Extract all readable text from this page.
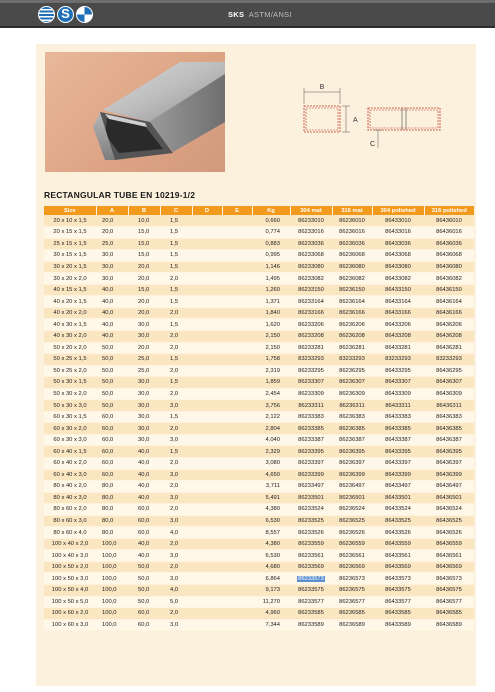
S	SKS ASTM/ANSI
B
A
C
RECTANGULAR TUBE EN 10219-1/2
Size	A	B	C	D	E	Kg	304 mat	316 mat	304 polished	316 polished
20 x 10 x 1,5	20,0	10,0	1,5			0,660	86233010	86236010	86433010	86436010
20 x 15 x 1,5	20,0	15,0	1,5			0,774	86233016	86236016	86433016	86436016
25 x 15 x 1,5	25,0	15,0	1,5			0,883	86233036	86236036	86433036	86436036
30 x 15 x 1,5	30,0	15,0	1,5			0,995	86233068	86236068	86433068	86436068
30 x 20 x 1,5	30,0	20,0	1,5			1,146	86233080	86236080	86433080	86436080
30 x 20 x 2,0	30,0	20,0	2,0			1,495	86233082	86236082	86433082	86436082
40 x 15 x 1,5	40,0	15,0	1,5			1,260	86233150	86236150	86433150	86436150
40 x 20 x 1,5	40,0	20,0	1,5			1,371	86233164	86236164	86433164	86436164
40 x 20 x 2,0	40,0	20,0	2,0			1,840	86233166	86236166	86433166	86436166
40 x 30 x 1,5	40,0	30,0	1,5			1,620	86233206	86236206	86433206	86436206
40 x 30 x 2,0	40,0	30,0	2,0			2,150	86233208	86236208	86433208	86436208
50 x 20 x 2,0	50,0	20,0	2,0			2,150	86233281	86236281	86433281	86436281
50 x 25 x 1,5	50,0	25,0	1,5			1,758	83233293	83233293	83233293	83233293
50 x 25 x 2,0	50,0	25,0	2,0			2,319	86233295	86236295	86433295	86436295
50 x 30 x 1,5	50,0	30,0	1,5			1,859	86233307	86236307	86433307	86436307
50 x 30 x 2,0	50,0	30,0	2,0			2,454	86233309	86236309	86433309	86436309
50 x 30 x 3,0	50,0	30,0	3,0			3,756	86233311	86236311	86433311	86436311
60 x 30 x 1,5	60,0	30,0	1,5			2,122	86233383	86236383	86433383	86436383
60 x 30 x 2,0	60,0	30,0	2,0			2,804	86233385	86236385	86433385	86436385
60 x 30 x 3,0	60,0	30,0	3,0			4,040	86233387	86236387	86433387	86436387
60 x 40 x 1,5	60,0	40,0	1,5			2,329	86233395	86236395	86433395	86436395
60 x 40 x 2,0	60,0	40,0	2,0			3,080	86233397	86236397	86433397	86436397
60 x 40 x 3,0	60,0	40,0	3,0			4,650	86233399	86236399	86433399	86436399
80 x 40 x 2,0	80,0	40,0	2,0			3,711	86233497	86236497	86433497	86436497
80 x 40 x 3,0	80,0	40,0	3,0			5,491	86233501	86236501	86433501	86436501
80 x 60 x 2,0	80,0	60,0	2,0			4,380	86233524	86236524	86433524	86436524
80 x 60 x 3,0	80,0	60,0	3,0			6,530	86233525	86236525	86433525	86436525
80 x 60 x 4,0	80,0	60,0	4,0			8,557	86233526	86236526	86433526	86436526
100 x 40 x 2,0	100,0	40,0	2,0			4,380	86233559	86236559	86433559	86436559
100 x 40 x 3,0	100,0	40,0	3,0			6,530	86233561	86236561	86433561	86436561
100 x 50 x 2,0	100,0	50,0	2,0			4,680	86233569	86236569	86433569	86436569
100 x 50 x 3,0	100,0	50,0	3,0			6,864	86233573	86236573	86433573	86436573
100 x 50 x 4,0	100,0	50,0	4,0			9,173	86233575	86236575	86433575	86436575
100 x 50 x 5,0	100,0	50,0	5,0			11,270	86233577	86236577	86433577	86436577
100 x 60 x 2,0	100,0	60,0	2,0			4,960	86233585	86236585	86433585	86436585
100 x 60 x 3,0	100,0	60,0	3,0			7,344	86233589	86236589	86433589	86436589
